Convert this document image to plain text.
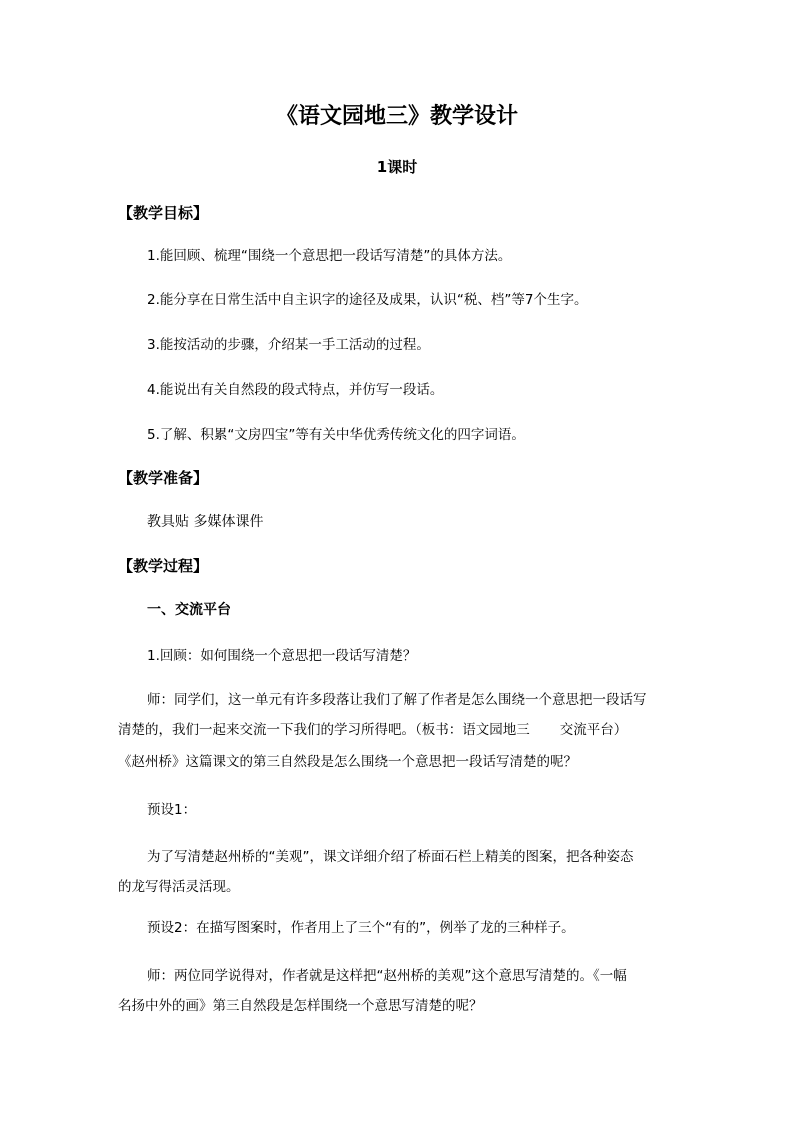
《语文园地三》教学设计
1课时
【教学目标】
1.能回顾、梳理“围绕一个意思把一段话写清楚”的具体方法。
2.能分享在日常生活中自主识字的途径及成果，认识“税、档”等7个生字。
3.能按活动的步骤，介绍某一手工活动的过程。
4.能说出有关自然段的段式特点，并仿写一段话。
5.了解、积累“文房四宝”等有关中华优秀传统文化的四字词语。
【教学准备】
教具贴 多媒体课件
【教学过程】
一、交流平台
1.回顾：如何围绕一个意思把一段话写清楚？
师：同学们，这一单元有许多段落让我们了解了作者是怎么围绕一个意思把一段话写
清楚的，我们一起来交流一下我们的学习所得吧。（板书：语文园地三 交流平台）
《赵州桥》这篇课文的第三自然段是怎么围绕一个意思把一段话写清楚的呢？
预设1：
为了写清楚赵州桥的“美观”，课文详细介绍了桥面石栏上精美的图案，把各种姿态
的龙写得活灵活现。
预设2：在描写图案时，作者用上了三个“有的”，例举了龙的三种样子。
师：两位同学说得对，作者就是这样把“赵州桥的美观”这个意思写清楚的。《一幅
名扬中外的画》第三自然段是怎样围绕一个意思写清楚的呢？
